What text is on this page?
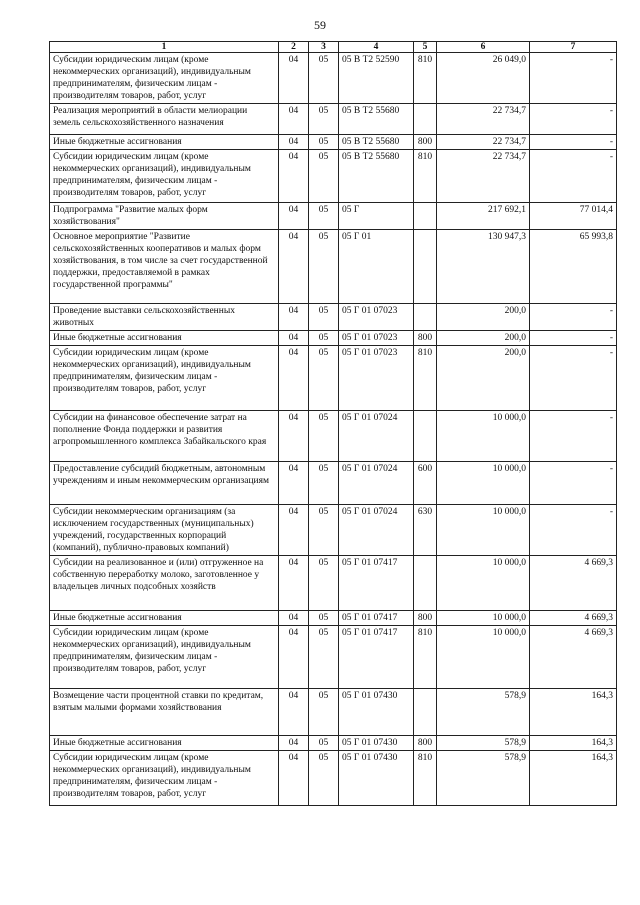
59
1	2	3	4	5	6	7
Субсидии юридическим лицам (кроме некоммерческих организаций), индивидуальным предпринимателям, физическим лицам - производителям товаров, работ, услуг	04	05	05 В Т2 52590	810	26 049,0	-
Реализация мероприятий в области мелиорации земель сельскохозяйственного назначения	04	05	05 В Т2 55680		22 734,7	-
Иные бюджетные ассигнования	04	05	05 В Т2 55680	800	22 734,7	-
Субсидии юридическим лицам (кроме некоммерческих организаций), индивидуальным предпринимателям, физическим лицам - производителям товаров, работ, услуг	04	05	05 В Т2 55680	810	22 734,7	-
Подпрограмма "Развитие малых форм хозяйствования"	04	05	05 Г		217 692,1	77 014,4
Основное мероприятие "Развитие сельскохозяйственных кооперативов и малых форм хозяйствования, в том числе за счет государственной поддержки, предоставляемой в рамках государственной программы"	04	05	05 Г 01		130 947,3	65 993,8
Проведение выставки сельскохозяйственных животных	04	05	05 Г 01 07023		200,0	-
Иные бюджетные ассигнования	04	05	05 Г 01 07023	800	200,0	-
Субсидии юридическим лицам (кроме некоммерческих организаций), индивидуальным предпринимателям, физическим лицам - производителям товаров, работ, услуг	04	05	05 Г 01 07023	810	200,0	-
Субсидии на финансовое обеспечение затрат на пополнение Фонда поддержки и развития агропромышленного комплекса Забайкальского края	04	05	05 Г 01 07024		10 000,0	-
Предоставление субсидий бюджетным, автономным учреждениям и иным некоммерческим организациям	04	05	05 Г 01 07024	600	10 000,0	-
Субсидии некоммерческим организациям (за исключением государственных (муниципальных) учреждений, государственных корпораций (компаний), публично-правовых компаний)	04	05	05 Г 01 07024	630	10 000,0	-
Субсидии на реализованное и (или) отгруженное на собственную переработку молоко, заготовленное у владельцев личных подсобных хозяйств	04	05	05 Г 01 07417		10 000,0	4 669,3
Иные бюджетные ассигнования	04	05	05 Г 01 07417	800	10 000,0	4 669,3
Субсидии юридическим лицам (кроме некоммерческих организаций), индивидуальным предпринимателям, физическим лицам - производителям товаров, работ, услуг	04	05	05 Г 01 07417	810	10 000,0	4 669,3
Возмещение части процентной ставки по кредитам, взятым малыми формами хозяйствования	04	05	05 Г 01 07430		578,9	164,3
Иные бюджетные ассигнования	04	05	05 Г 01 07430	800	578,9	164,3
Субсидии юридическим лицам (кроме некоммерческих организаций), индивидуальным предпринимателям, физическим лицам - производителям товаров, работ, услуг	04	05	05 Г 01 07430	810	578,9	164,3
